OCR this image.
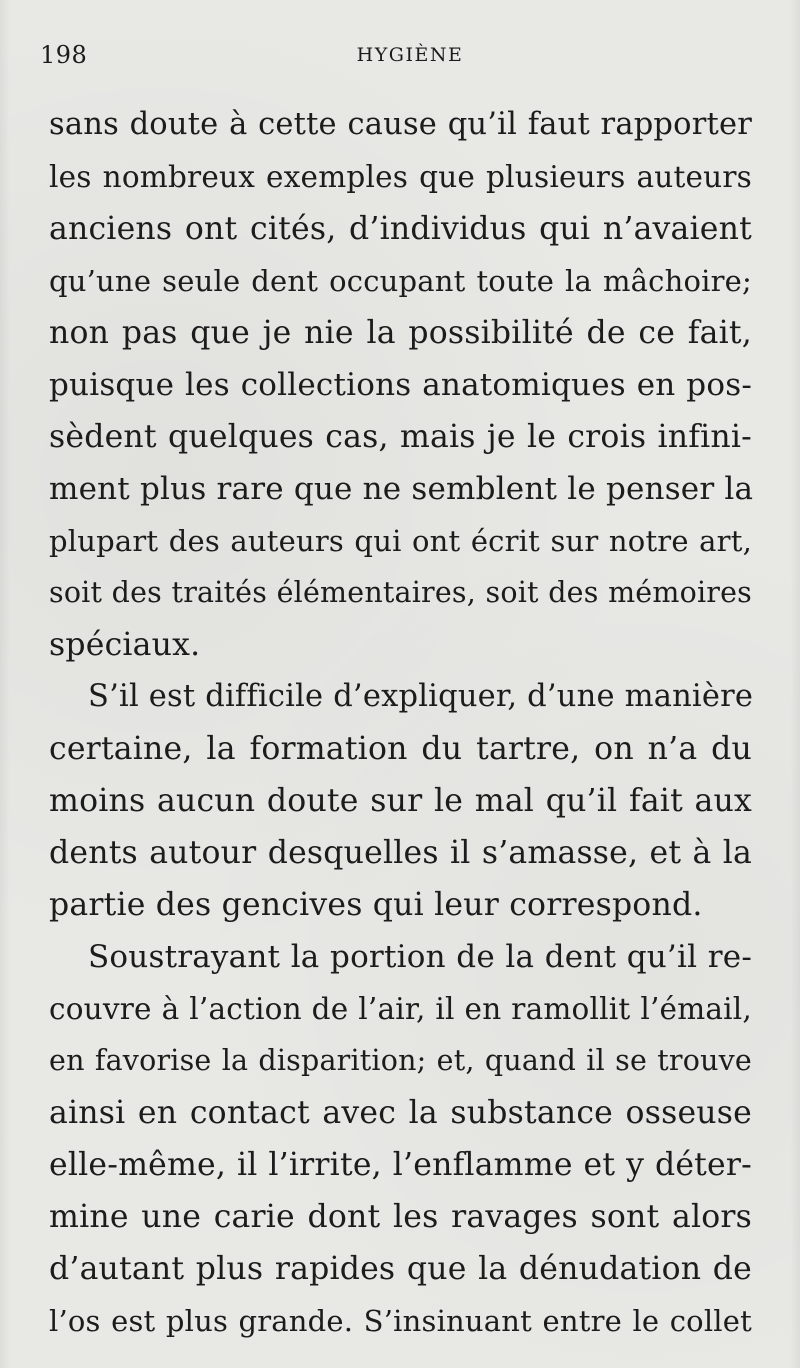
198	HYGIÈNE
sans doute à cette cause qu’il faut rapporter
les nombreux exemples que plusieurs auteurs
anciens ont cités, d’individus qui n’avaient
qu’une seule dent occupant toute la mâchoire;
non pas que je nie la possibilité de ce fait,
puisque les collections anatomiques en pos-
sèdent quelques cas, mais je le crois infini-
ment plus rare que ne semblent le penser la
plupart des auteurs qui ont écrit sur notre art,
soit des traités élémentaires, soit des mémoires
spéciaux.
S’il est difficile d’expliquer, d’une manière
certaine, la formation du tartre, on n’a du
moins aucun doute sur le mal qu’il fait aux
dents autour desquelles il s’amasse, et à la
partie des gencives qui leur correspond.
Soustrayant la portion de la dent qu’il re-
couvre à l’action de l’air, il en ramollit l’émail,
en favorise la disparition; et, quand il se trouve
ainsi en contact avec la substance osseuse
elle-même, il l’irrite, l’enflamme et y déter-
mine une carie dont les ravages sont alors
d’autant plus rapides que la dénudation de
l’os est plus grande. S’insinuant entre le collet
